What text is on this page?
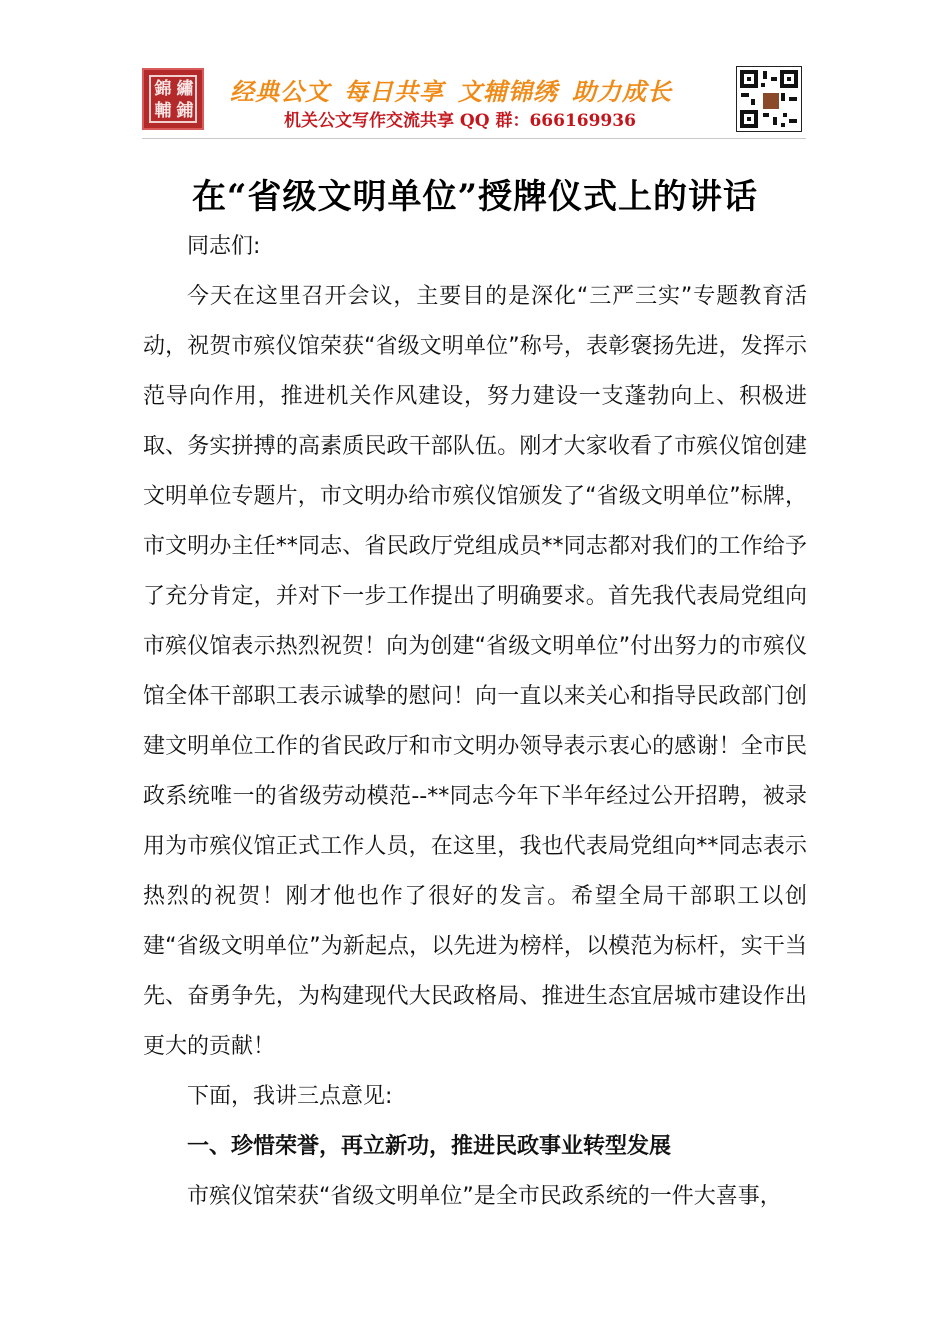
錦 繡
輔 鋪
经典公文 每日共享 文辅锦绣 助力成长
机关公文写作交流共享 QQ 群：666169936
在“省级文明单位”授牌仪式上的讲话

同志们:

今天在这里召开会议，主要目的是深化“三严三实”专题教育活动，祝贺市殡仪馆荣获“省级文明单位”称号，表彰褒扬先进，发挥示范导向作用，推进机关作风建设，努力建设一支蓬勃向上、积极进取、务实拼搏的高素质民政干部队伍。刚才大家收看了市殡仪馆创建文明单位专题片，市文明办给市殡仪馆颁发了“省级文明单位”标牌，市文明办主任**同志、省民政厅党组成员**同志都对我们的工作给予了充分肯定，并对下一步工作提出了明确要求。首先我代表局党组向市殡仪馆表示热烈祝贺！向为创建“省级文明单位”付出努力的市殡仪馆全体干部职工表示诚挚的慰问！向一直以来关心和指导民政部门创建文明单位工作的省民政厅和市文明办领导表示衷心的感谢！全市民政系统唯一的省级劳动模范--**同志今年下半年经过公开招聘，被录用为市殡仪馆正式工作人员，在这里，我也代表局党组向**同志表示热烈的祝贺！刚才他也作了很好的发言。希望全局干部职工以创建“省级文明单位”为新起点，以先进为榜样，以模范为标杆，实干当先、奋勇争先，为构建现代大民政格局、推进生态宜居城市建设作出更大的贡献！

下面，我讲三点意见:

一、珍惜荣誉，再立新功，推进民政事业转型发展

市殡仪馆荣获“省级文明单位”是全市民政系统的一件大喜事，
